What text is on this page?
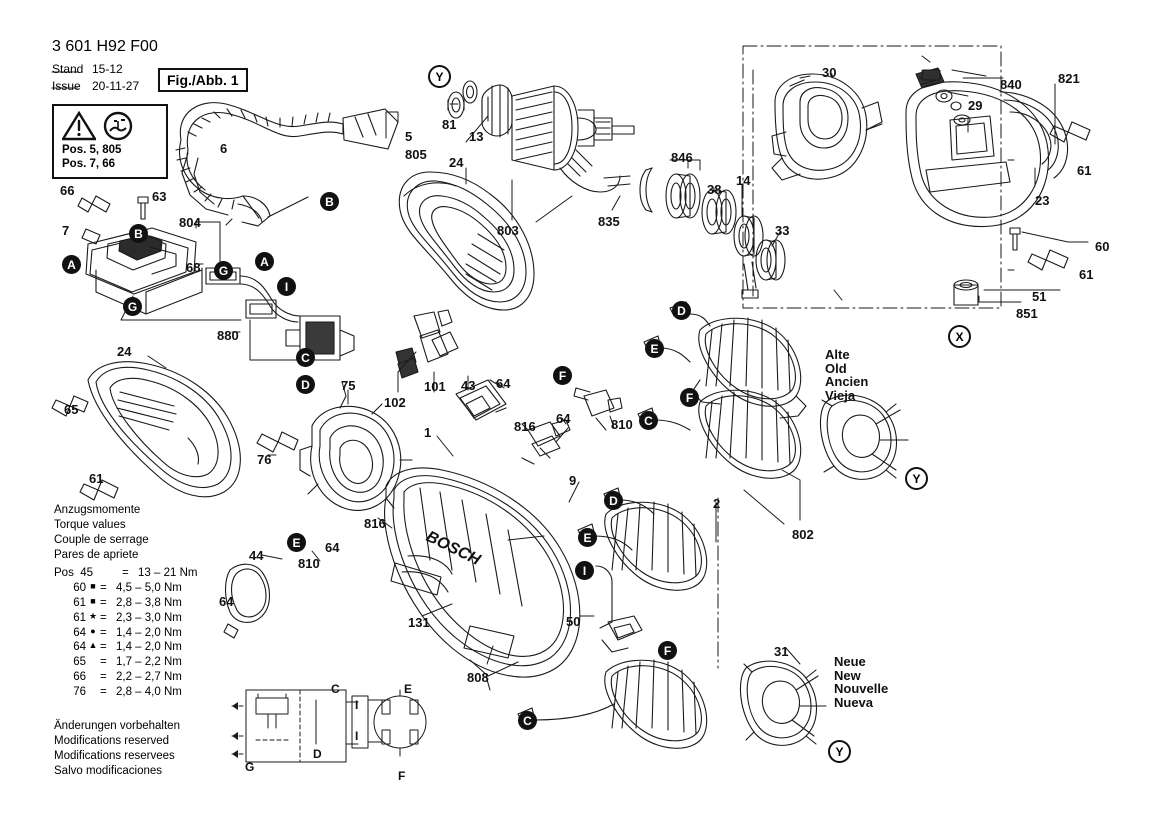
3 601 H92 F00
Stand
Issue
15-12
20-11-27	Fig./Abb. 1
Pos. 5, 805
Pos. 7, 66
Anzugsmomente
Torque values
Couple de serrage
Pares de apriete
Pos  45	= 13 – 21 Nm
60 ■ = 4,5 – 5,0 Nm
61 ■ = 2,8 – 3,8 Nm
61 ★ = 2,3 – 3,0 Nm
64 ● = 1,4 – 2,0 Nm
64 ▲ = 1,4 – 2,0 Nm
65 = 1,7 – 2,2 Nm
66 = 2,2 – 2,7 Nm
76 = 2,8 – 4,0 Nm
Änderungen vorbehalten
Modifications reserved
Modifications reservees
Salvo modificaciones
Alte
Old
Ancien
Vieja
Neue
New
Nouvelle
Nueva
BOSCH
5
805
6
66	63
7
804
68
880
75
102
101 43 64
816
64	810
24
81
13
803
835
846
38
14
33
30
840	821
29
61
23
60
61
51
851
24
65
61
76
816
44
810
64
64
131
808
1
9
2
50
802
31
A
A
B
B
G
G
I
C
D
Y
X
D
E
F
F
C
Y
E
D
E
I
F
C
Y
C	E
I
I
D
G
F
